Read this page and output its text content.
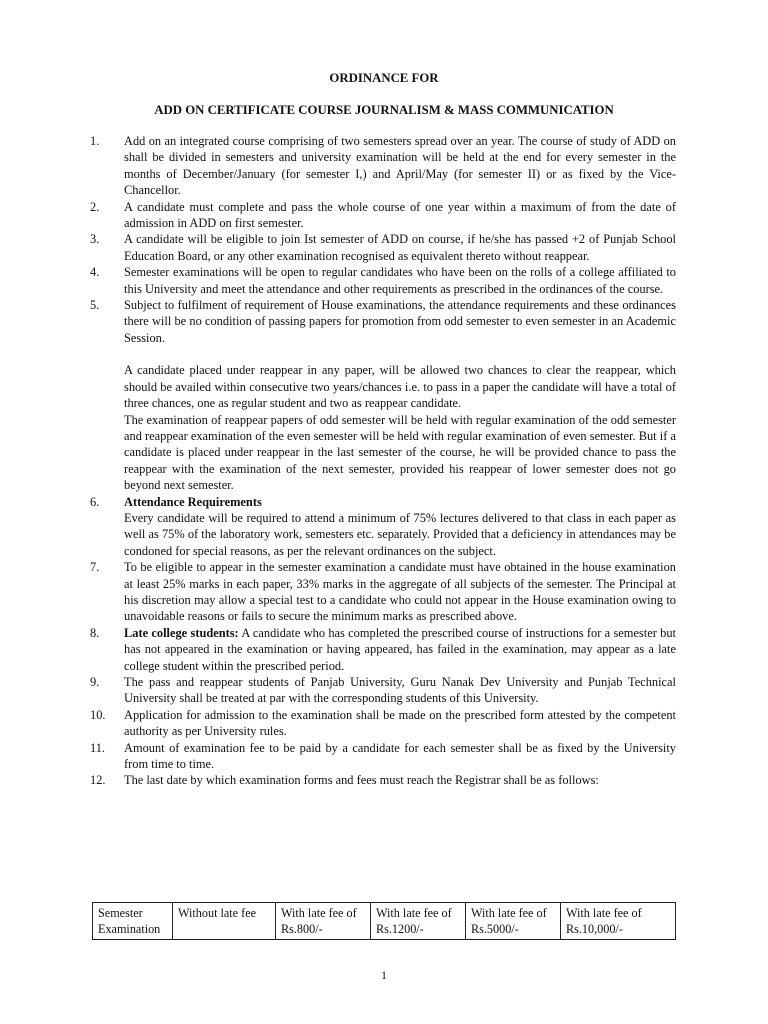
ORDINANCE FOR
ADD ON CERTIFICATE COURSE JOURNALISM & MASS COMMUNICATION
1. Add on an integrated course comprising of two semesters spread over an year. The course of study of ADD on shall be divided in semesters and university examination will be held at the end for every semester in the months of December/January (for semester I,) and April/May (for semester II) or as fixed by the Vice-Chancellor.
2. A candidate must complete and pass the whole course of one year within a maximum of from the date of admission in ADD on first semester.
3. A candidate will be eligible to join Ist semester of ADD on course, if he/she has passed +2 of Punjab School Education Board, or any other examination recognised as equivalent thereto without reappear.
4. Semester examinations will be open to regular candidates who have been on the rolls of a college affiliated to this University and meet the attendance and other requirements as prescribed in the ordinances of the course.
5. Subject to fulfilment of requirement of House examinations, the attendance requirements and these ordinances there will be no condition of passing papers for promotion from odd semester to even semester in an Academic Session.
A candidate placed under reappear in any paper, will be allowed two chances to clear the reappear, which should be availed within consecutive two years/chances i.e. to pass in a paper the candidate will have a total of three chances, one as regular student and two as reappear candidate.
The examination of reappear papers of odd semester will be held with regular examination of the odd semester and reappear examination of the even semester will be held with regular examination of even semester. But if a candidate is placed under reappear in the last semester of the course, he will be provided chance to pass the reappear with the examination of the next semester, provided his reappear of lower semester does not go beyond next semester.
6. Attendance Requirements
Every candidate will be required to attend a minimum of 75% lectures delivered to that class in each paper as well as 75% of the laboratory work, semesters etc. separately. Provided that a deficiency in attendances may be condoned for special reasons, as per the relevant ordinances on the subject.
7. To be eligible to appear in the semester examination a candidate must have obtained in the house examination at least 25% marks in each paper, 33% marks in the aggregate of all subjects of the semester. The Principal at his discretion may allow a special test to a candidate who could not appear in the House examination owing to unavoidable reasons or fails to secure the minimum marks as prescribed above.
8. Late college students: A candidate who has completed the prescribed course of instructions for a semester but has not appeared in the examination or having appeared, has failed in the examination, may appear as a late college student within the prescribed period.
9. The pass and reappear students of Panjab University, Guru Nanak Dev University and Punjab Technical University shall be treated at par with the corresponding students of this University.
10. Application for admission to the examination shall be made on the prescribed form attested by the competent authority as per University rules.
11. Amount of examination fee to be paid by a candidate for each semester shall be as fixed by the University from time to time.
12. The last date by which examination forms and fees must reach the Registrar shall be as follows:
Semester Examination	Without late fee	With late fee of Rs.800/-	With late fee of Rs.1200/-	With late fee of Rs.5000/-	With late fee of Rs.10,000/-
1
